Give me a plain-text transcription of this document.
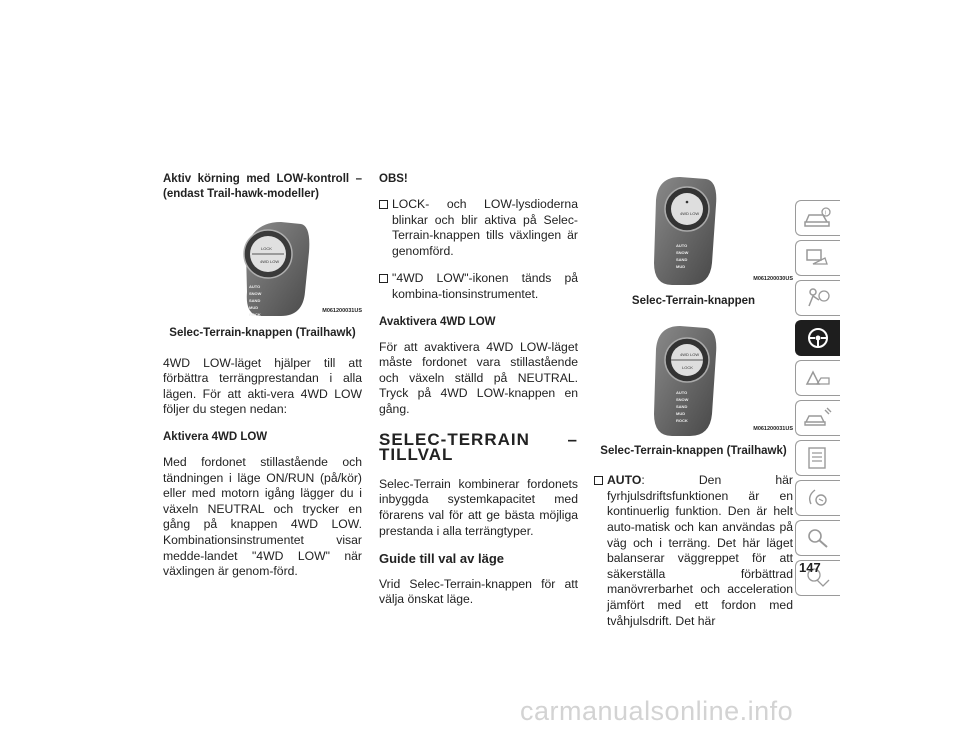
Aktiv körning med LOW-kontroll – (endast Trail-hawk-modeller)
LOCK
4WD LOW
AUTO
SNOW
SAND
MUD
ROCK
M061200031US
Selec-Terrain-knappen (Trailhawk)

4WD LOW-läget hjälper till att förbättra terrängprestandan i alla lägen. För att akti-vera 4WD LOW följer du stegen nedan:

Aktivera 4WD LOW

Med fordonet stillastående och tändningen i läge ON/RUN (på/kör) eller med motorn igång lägger du i växeln NEUTRAL och trycker en gång på knappen 4WD LOW. Kombinationsinstrumentet visar medde-landet "4WD LOW" när växlingen är genom-förd.

OBS!
LOCK- och LOW-lysdioderna blinkar och blir aktiva på Selec-Terrain-knappen tills växlingen är genomförd.
"4WD LOW"-ikonen tänds på kombina-tionsinstrumentet.
Avaktivera 4WD LOW

För att avaktivera 4WD LOW-läget måste fordonet vara stillastående och växeln ställd på NEUTRAL. Tryck på 4WD LOW-knappen en gång.

SELEC-TERRAIN – TILLVAL

Selec-Terrain kombinerar fordonets inbyggda systemkapacitet med förarens val för att ge bästa möjliga prestanda i alla terrängtyper.

Guide till val av läge

Vrid Selec-Terrain-knappen för att välja önskat läge.

4WD LOW
AUTO
SNOW
SAND
MUD
M061200030US
Selec-Terrain-knappen
4WD LOW
LOCK
AUTO
SNOW
SAND
MUD
ROCK
M061200031US
Selec-Terrain-knappen (Trailhawk)
AUTO: Den här fyrhjulsdriftsfunktionen är en kontinuerlig funktion. Den är helt auto-matisk och kan användas på väg och i terräng. Det här läget balanserar väggreppet för att säkerställa förbättrad manövrerbarhet och acceleration jämfört med ett fordon med tvåhjulsdrift. Det här
i
147
carmanualsonline.info
